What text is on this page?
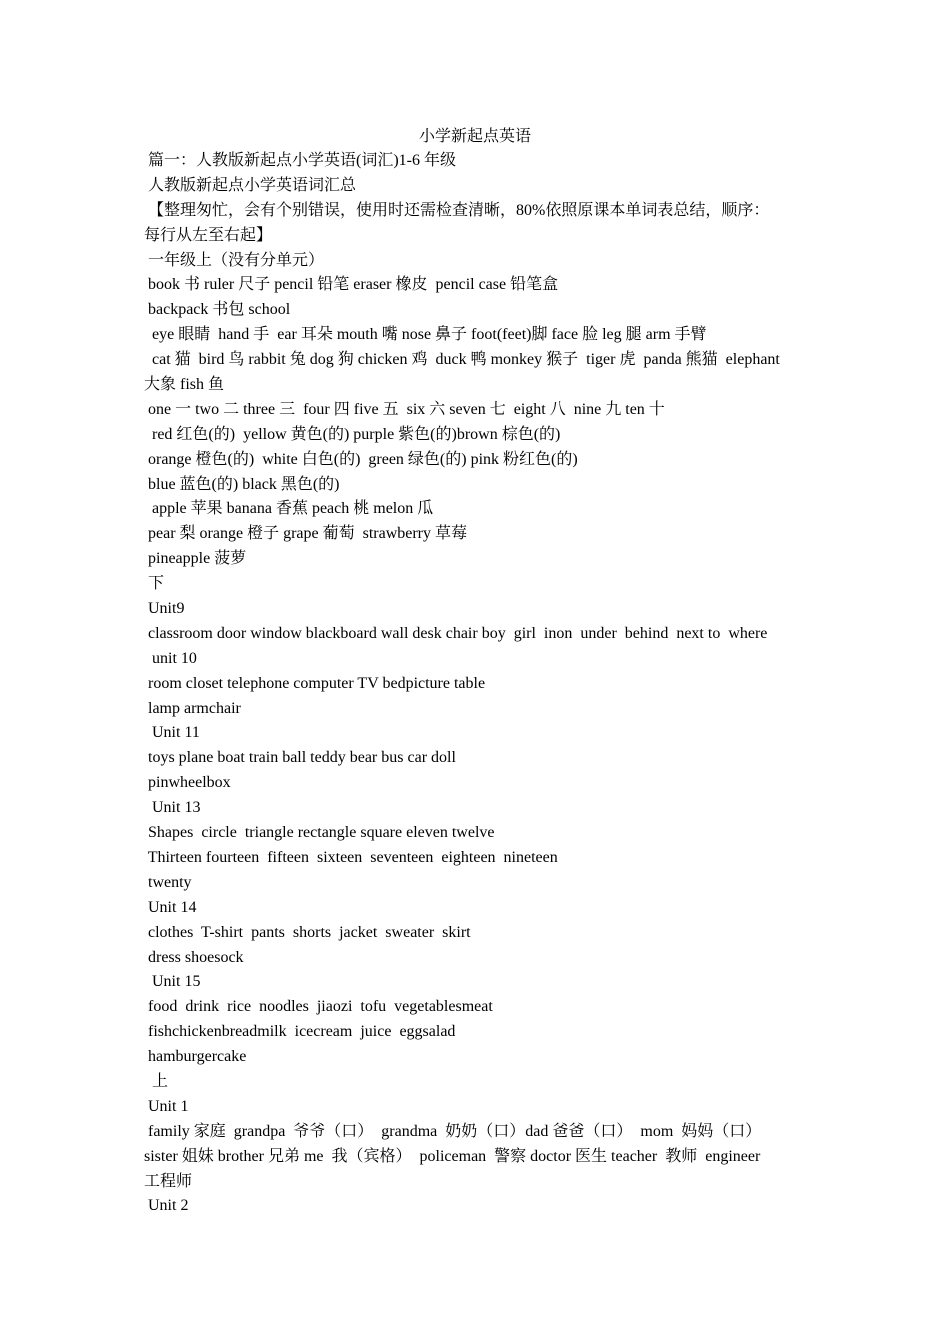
小学新起点英语
篇一：人教版新起点小学英语(词汇)1-6 年级
人教版新起点小学英语词汇总
【整理匆忙，会有个别错误，使用时还需检查清晰，80%依照原课本单词表总结，顺序：
每行从左至右起】
一年级上（没有分单元）
book 书 ruler 尺子 pencil 铅笔 eraser 橡皮  pencil case 铅笔盒
backpack 书包 school
eye 眼睛  hand 手  ear 耳朵 mouth 嘴 nose 鼻子 foot(feet)脚 face 脸 leg 腿 arm 手臂
cat 猫  bird 鸟 rabbit 兔 dog 狗 chicken 鸡  duck 鸭 monkey 猴子  tiger 虎  panda 熊猫  elephant
大象 fish 鱼
one 一 two 二 three 三  four 四 five 五  six 六 seven 七  eight 八  nine 九 ten 十
red 红色(的)  yellow 黄色(的) purple 紫色(的)brown 棕色(的)
orange 橙色(的)  white 白色(的)  green 绿色(的) pink 粉红色(的)
blue 蓝色(的) black 黑色(的)
apple 苹果 banana 香蕉 peach 桃 melon 瓜
pear 梨 orange 橙子 grape 葡萄  strawberry 草莓
pineapple 菠萝
下
Unit9
classroom door window blackboard wall desk chair boy  girl  inon  under  behind  next to  where
unit 10
room closet telephone computer TV bedpicture table
lamp armchair
Unit 11
toys plane boat train ball teddy bear bus car doll
pinwheelbox
Unit 13
Shapes  circle  triangle rectangle square eleven twelve
Thirteen fourteen  fifteen  sixteen  seventeen  eighteen  nineteen
twenty
Unit 14
clothes  T-shirt  pants  shorts  jacket  sweater  skirt
dress shoesock
Unit 15
food  drink  rice  noodles  jiaozi  tofu  vegetablesmeat
fishchickenbreadmilk  icecream  juice  eggsalad
hamburgercake
上
Unit 1
family 家庭  grandpa  爷爷（口）  grandma  奶奶（口）dad 爸爸（口）  mom  妈妈（口）
sister 姐妹 brother 兄弟 me  我（宾格）  policeman  警察 doctor 医生 teacher  教师  engineer
工程师
Unit 2
